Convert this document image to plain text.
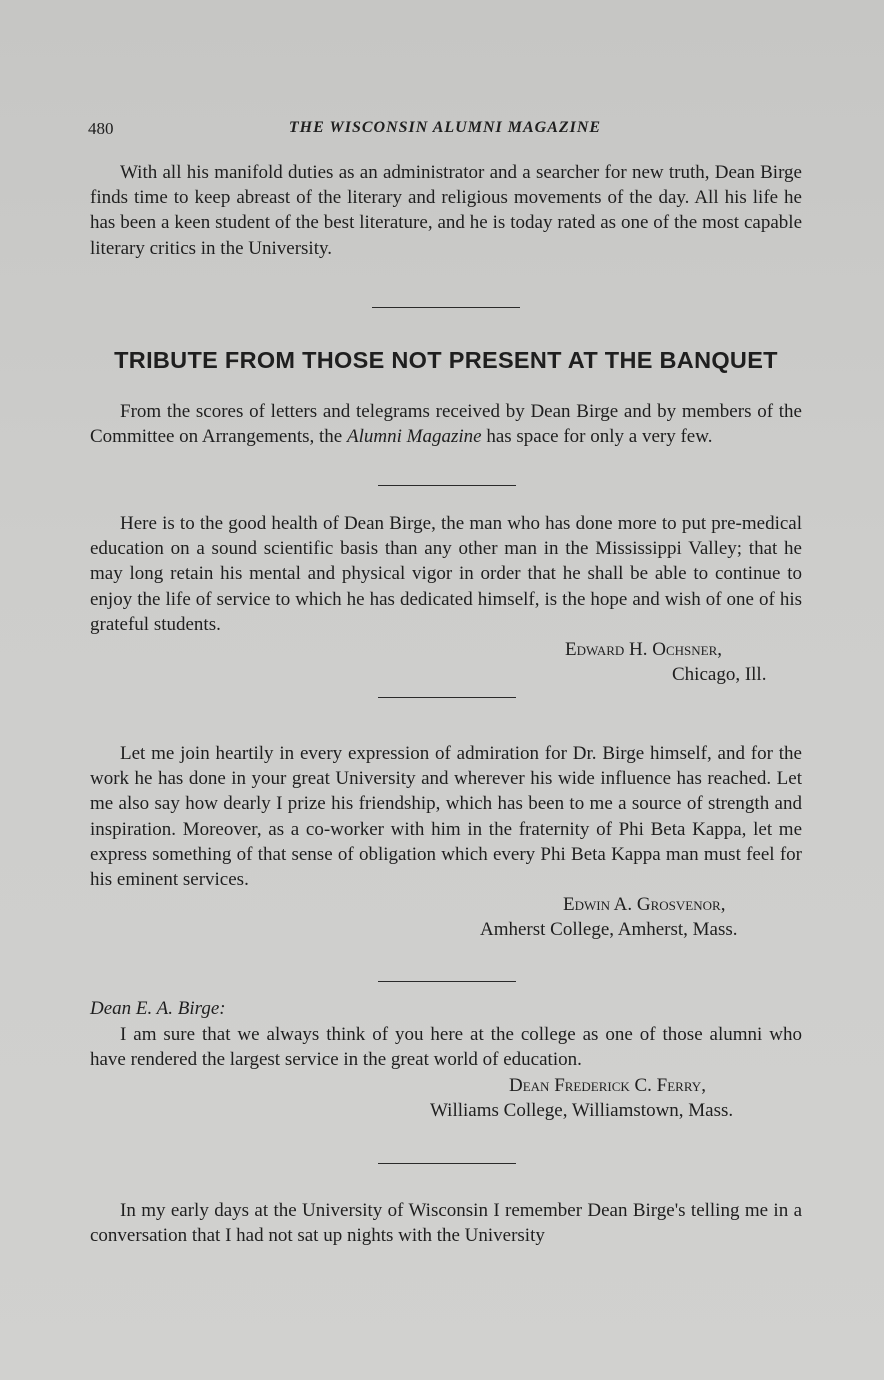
480	THE WISCONSIN ALUMNI MAGAZINE

With all his manifold duties as an administrator and a searcher for new truth, Dean Birge finds time to keep abreast of the literary and religious movements of the day. All his life he has been a keen student of the best literature, and he is today rated as one of the most capable literary critics in the University.

TRIBUTE FROM THOSE NOT PRESENT AT THE BANQUET

From the scores of letters and telegrams received by Dean Birge and by members of the Committee on Arrangements, the Alumni Magazine has space for only a very few.

Here is to the good health of Dean Birge, the man who has done more to put pre-medical education on a sound scientific basis than any other man in the Mississippi Valley; that he may long retain his mental and physical vigor in order that he shall be able to continue to enjoy the life of service to which he has dedicated himself, is the hope and wish of one of his grateful students.

Edward H. Ochsner,
Chicago, Ill.

Let me join heartily in every expression of admiration for Dr. Birge himself, and for the work he has done in your great University and wherever his wide influence has reached. Let me also say how dearly I prize his friendship, which has been to me a source of strength and inspiration. Moreover, as a co-worker with him in the fraternity of Phi Beta Kappa, let me express something of that sense of obligation which every Phi Beta Kappa man must feel for his eminent services.

Edwin A. Grosvenor,
Amherst College, Amherst, Mass.
Dean E. A. Birge:

I am sure that we always think of you here at the college as one of those alumni who have rendered the largest service in the great world of education.

Dean Frederick C. Ferry,
Williams College, Williamstown, Mass.

In my early days at the University of Wisconsin I remember Dean Birge's telling me in a conversation that I had not sat up nights with the University
